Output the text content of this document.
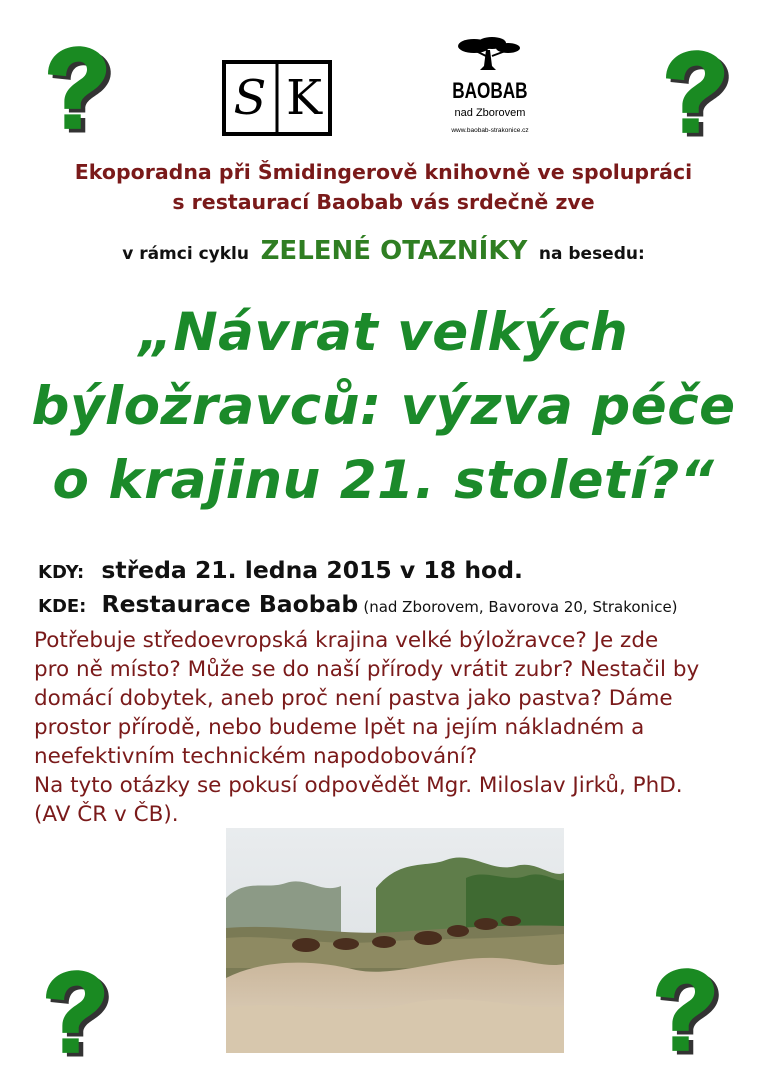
S K	BAOBAB
nad Zborovem
www.baobab-strakonice.cz
Ekoporadna při Šmidingerově knihovně ve spolupráci
s restaurací Baobab vás srdečně zve
v rámci cyklu ZELENÉ OTAZNÍKY na besedu:
„Návrat velkých
býložravců: výzva péče
o krajinu 21. století?“
KDY: středa 21. ledna 2015 v 18 hod.
KDE: Restaurace Baobab (nad Zborovem, Bavorova 20, Strakonice)
Potřebuje středoevropská krajina velké býložravce? Je zde
pro ně místo? Může se do naší přírody vrátit zubr? Nestačil by
domácí dobytek, aneb proč není pastva jako pastva? Dáme
prostor přírodě, nebo budeme lpět na jejím nákladném a
neefektivním technickém napodobování?
Na tyto otázky se pokusí odpovědět Mgr. Miloslav Jirků, PhD.
(AV ČR v ČB).
